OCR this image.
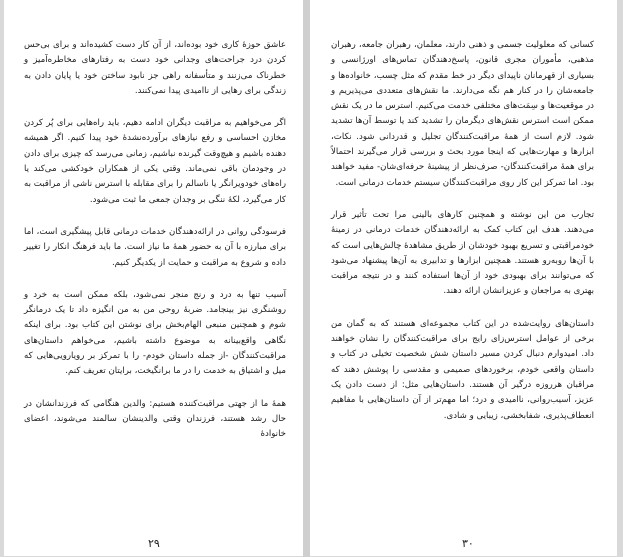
عاشق حوزهٔ کاری خود بوده‌اند، از آن کار دست کشیده‌اند و برای بی‌حس کردن درد جراحت‌های وجدانی خود دست به رفتارهای مخاطره‌آمیز و خطرناک می‌زنند و متأسفانه راهی جز نابود ساختن خود یا پایان دادن به زندگی برای رهایی از ناامیدی پیدا نمی‌کنند.

اگر می‌خواهیم به مراقبت دیگران ادامه دهیم، باید راه‌هایی برای پُر کردن مخازن احساسی و رفع نیازهای برآورده‌نشدهٔ خود پیدا کنیم. اگر همیشه دهنده باشیم و هیچ‌وقت گیرنده نباشیم، زمانی می‌رسد که چیزی برای دادن در وجودمان باقی نمی‌ماند. وقتی یکی از همکاران خودکشی می‌کند یا راه‌های خودویرانگر یا ناسالم را برای مقابله با استرس ناشی از مراقبت به کار می‌گیرد، لکهٔ ننگی بر وجدان جمعی ما ثبت می‌شود.

فرسودگی روانی در ارائه‌دهندگان خدمات درمانی قابل پیشگیری است، اما برای مبارزه با آن به حضور همهٔ ما نیاز است. ما باید فرهنگ انکار را تغییر داده و شروع به مراقبت و حمایت از یکدیگر کنیم.

آسیب تنها به درد و رنج منجر نمی‌شود، بلکه ممکن است به خرد و روشنگری نیز بینجامد. ضربهٔ روحی من به من انگیزه داد تا یک درمانگر شوم و همچنین منبعی الهام‌بخش برای نوشتن این کتاب بود. برای اینکه نگاهی واقع‌بینانه به موضوع داشته باشیم، می‌خواهم داستان‌های مراقبت‌کنندگان -از جمله داستان خودم- را با تمرکز بر رویارویی‌هایی که میل و اشتیاق به خدمت را در ما برانگیخت، برایتان تعریف کنم.

همهٔ ما از جهتی مراقبت‌کننده هستیم: والدین هنگامی که فرزندانشان در حال رشد هستند، فرزندان وقتی والدینشان سالمند می‌شوند، اعضای خانوادهٔ

۲۹

کسانی که معلولیت جسمی و ذهنی دارند، معلمان، رهبران جامعه، رهبران مذهبی، مأموران مجری قانون، پاسخ‌دهندگان تماس‌های اورژانسی و بسیاری از قهرمانان ناپیدای دیگر در خط مقدم که مثل چسب، خانواده‌ها و جامعه‌شان را در کنار هم نگه می‌دارند. ما نقش‌های متعددی می‌پذیریم و در موقعیت‌ها و سِمَت‌های مختلفی خدمت می‌کنیم. استرس ما در یک نقش ممکن است استرس نقش‌های دیگرمان را تشدید کند یا توسط آن‌ها تشدید شود. لازم است از همهٔ مراقبت‌کنندگان تجلیل و قدردانی شود. نکات، ابزارها و مهارت‌هایی که اینجا مورد بحث و بررسی قرار می‌گیرند احتمالاً برای همهٔ مراقبت‌کنندگان- صرف‌نظر از پیشینهٔ حرفه‌ای‌شان- مفید خواهند بود. اما تمرکز این کار روی مراقبت‌کنندگان سیستم خدمات درمانی است.

تجارب من این نوشته و همچنین کارهای بالینی مرا تحت تأثیر قرار می‌دهند. هدف این کتاب کمک به ارائه‌دهندگان خدمات درمانی در زمینهٔ خودمراقبتی و تسریع بهبود خودشان از طریق مشاهدهٔ چالش‌هایی است که با آن‌ها روبه‌رو هستند. همچنین ابزارها و تدابیری به آن‌ها پیشنهاد می‌شود که می‌توانند برای بهبودی خود از آن‌ها استفاده کنند و در نتیجه مراقبت بهتری به مراجعان و عزیزانشان ارائه دهند.

داستان‌های روایت‌شده در این کتاب مجموعه‌ای هستند که به گمان من برخی از عوامل استرس‌زای رایج برای مراقبت‌کنندگان را نشان خواهند داد. امیدوارم دنبال کردن مسیر داستان شش شخصیت تخیلی در کتاب و داستان واقعی خودم، برخوردهای صمیمی و مقدسی را پوشش دهند که مراقبان هرروزه درگیر آن هستند. داستان‌هایی مثل: از دست دادن یک عزیز، آسیب‌روانی، ناامیدی و درد؛ اما مهم‌تر از آن داستان‌هایی با مفاهیم انعطاف‌پذیری، شفابخشی، زیبایی و شادی.

۳۰
